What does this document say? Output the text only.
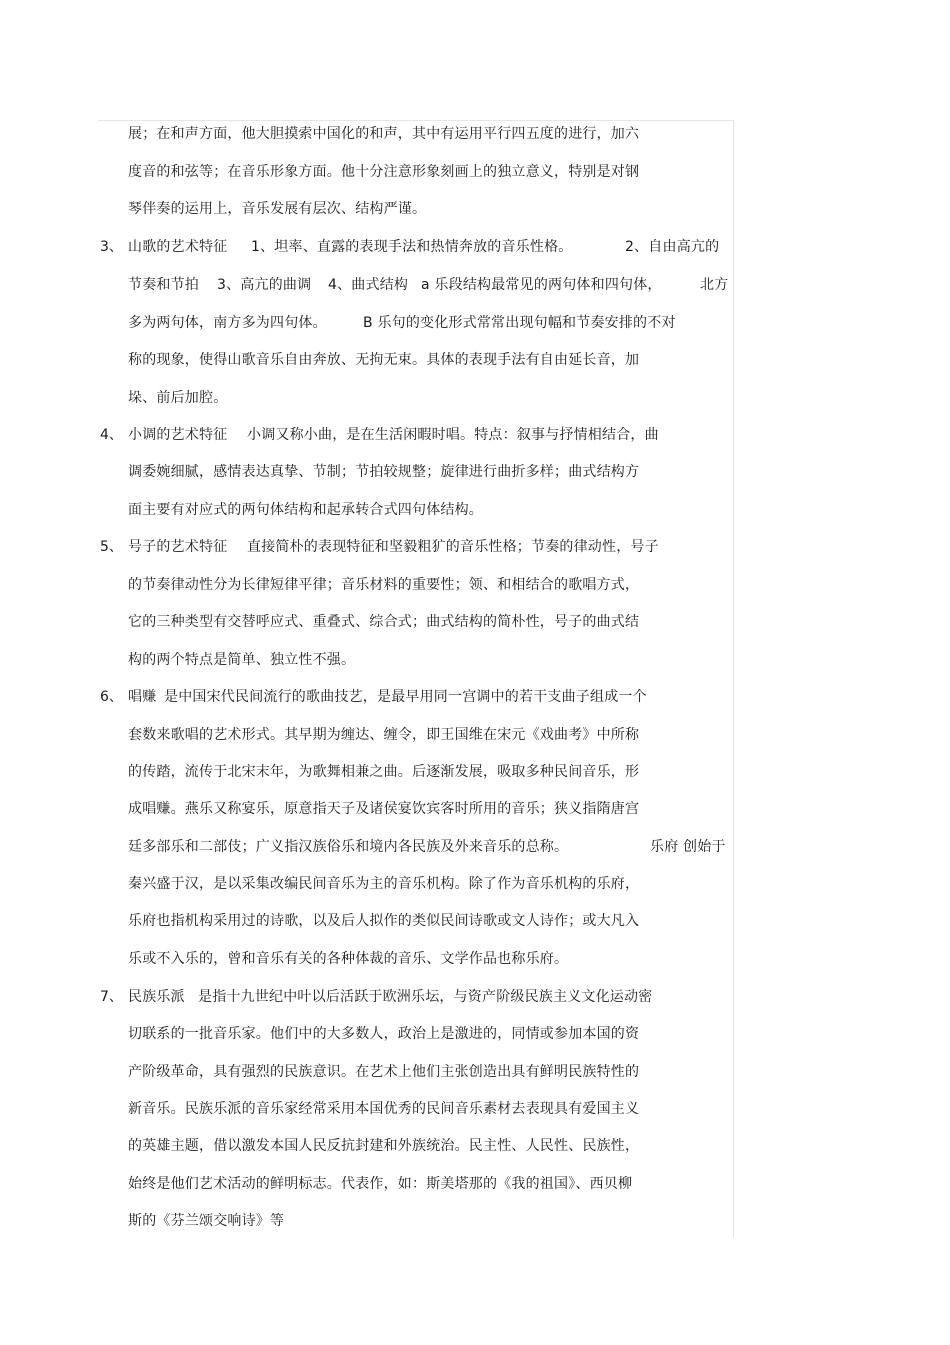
展；在和声方面，他大胆摸索中国化的和声，其中有运用平行四五度的进行，加六
度音的和弦等；在音乐形象方面。他十分注意形象刻画上的独立意义，特别是对钢
琴伴奏的运用上，音乐发展有层次、结构严谨。
3、 山歌的艺术特征 1、坦率、直露的表现手法和热情奔放的音乐性格。	2、自由高亢的
节奏和节拍 3、高亢的曲调 4、曲式结构 a 乐段结构最常见的两句体和四句体，	北方
多为两句体，南方多为四句体。	B 乐句的变化形式常常出现句幅和节奏安排的不对
称的现象，使得山歌音乐自由奔放、无拘无束。具体的表现手法有自由延长音，加
垛、前后加腔。
4、 小调的艺术特征 小调又称小曲，是在生活闲暇时唱。特点：叙事与抒情相结合，曲
调委婉细腻，感情表达真挚、节制；节拍较规整；旋律进行曲折多样；曲式结构方
面主要有对应式的两句体结构和起承转合式四句体结构。
5、 号子的艺术特征 直接简朴的表现特征和坚毅粗犷的音乐性格；节奏的律动性，号子
的节奏律动性分为长律短律平律；音乐材料的重要性；领、和相结合的歌唱方式，
它的三种类型有交替呼应式、重叠式、综合式；曲式结构的简朴性，号子的曲式结
构的两个特点是简单、独立性不强。
6、 唱赚 是中国宋代民间流行的歌曲技艺，是最早用同一宫调中的若干支曲子组成一个
套数来歌唱的艺术形式。其早期为缠达、缠令，即王国维在宋元《戏曲考》中所称
的传踏，流传于北宋末年，为歌舞相兼之曲。后逐渐发展，吸取多种民间音乐，形
成唱赚。燕乐又称宴乐，原意指天子及诸侯宴饮宾客时所用的音乐；狭义指隋唐宫
廷多部乐和二部伎；广义指汉族俗乐和境内各民族及外来音乐的总称。	乐府 创始于
秦兴盛于汉，是以采集改编民间音乐为主的音乐机构。除了作为音乐机构的乐府，
乐府也指机构采用过的诗歌，以及后人拟作的类似民间诗歌或文人诗作；或大凡入
乐或不入乐的，曾和音乐有关的各种体裁的音乐、文学作品也称乐府。
7、 民族乐派 是指十九世纪中叶以后活跃于欧洲乐坛，与资产阶级民族主义文化运动密
切联系的一批音乐家。他们中的大多数人，政治上是激进的，同情或参加本国的资
产阶级革命，具有强烈的民族意识。在艺术上他们主张创造出具有鲜明民族特性的
新音乐。民族乐派的音乐家经常采用本国优秀的民间音乐素材去表现具有爱国主义
的英雄主题，借以激发本国人民反抗封建和外族统治。民主性、人民性、民族性，
始终是他们艺术活动的鲜明标志。代表作，如：斯美塔那的《我的祖国》、西贝柳
斯的《芬兰颂交响诗》等
